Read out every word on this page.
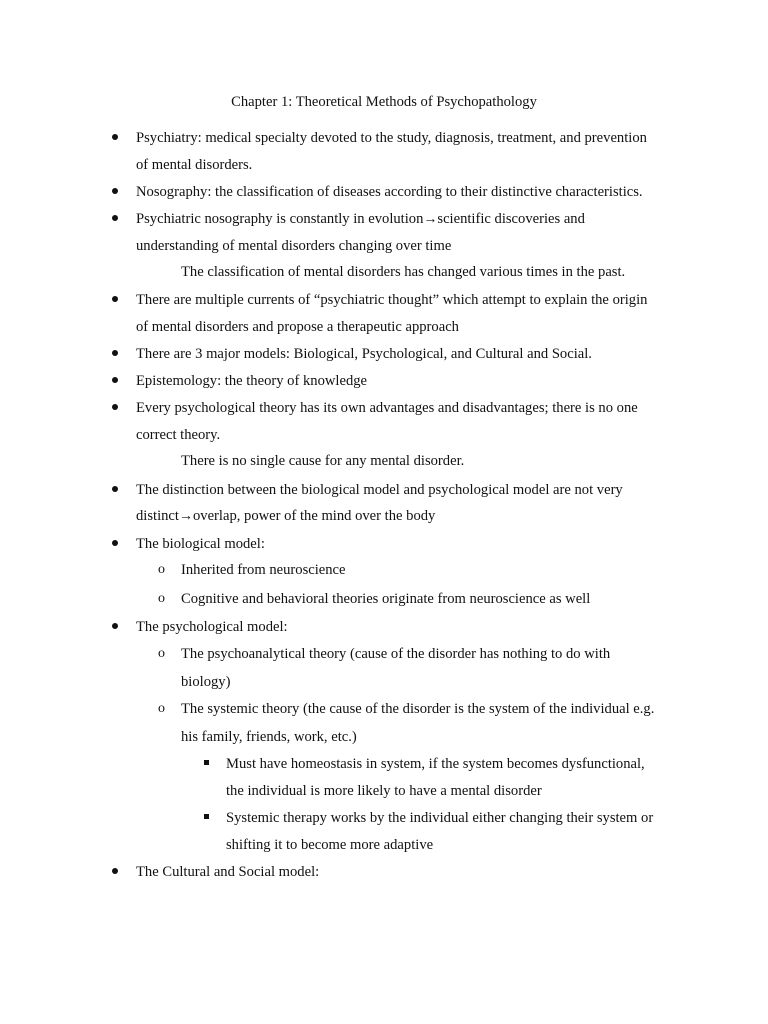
Chapter 1: Theoretical Methods of Psychopathology
Psychiatry: medical specialty devoted to the study, diagnosis, treatment, and prevention
of mental disorders.
Nosography: the classification of diseases according to their distinctive characteristics.
Psychiatric nosography is constantly in evolution→scientific discoveries and
understanding of mental disorders changing over time
The classification of mental disorders has changed various times in the past.
There are multiple currents of “psychiatric thought” which attempt to explain the origin
of mental disorders and propose a therapeutic approach
There are 3 major models: Biological, Psychological, and Cultural and Social.
Epistemology: the theory of knowledge
Every psychological theory has its own advantages and disadvantages; there is no one
correct theory.
There is no single cause for any mental disorder.
The distinction between the biological model and psychological model are not very
distinct→overlap, power of the mind over the body
The biological model:
o Inherited from neuroscience
o Cognitive and behavioral theories originate from neuroscience as well
The psychological model:
o The psychoanalytical theory (cause of the disorder has nothing to do with
biology)
o The systemic theory (the cause of the disorder is the system of the individual e.g.
his family, friends, work, etc.)
Must have homeostasis in system, if the system becomes dysfunctional,
the individual is more likely to have a mental disorder
Systemic therapy works by the individual either changing their system or
shifting it to become more adaptive
The Cultural and Social model:
